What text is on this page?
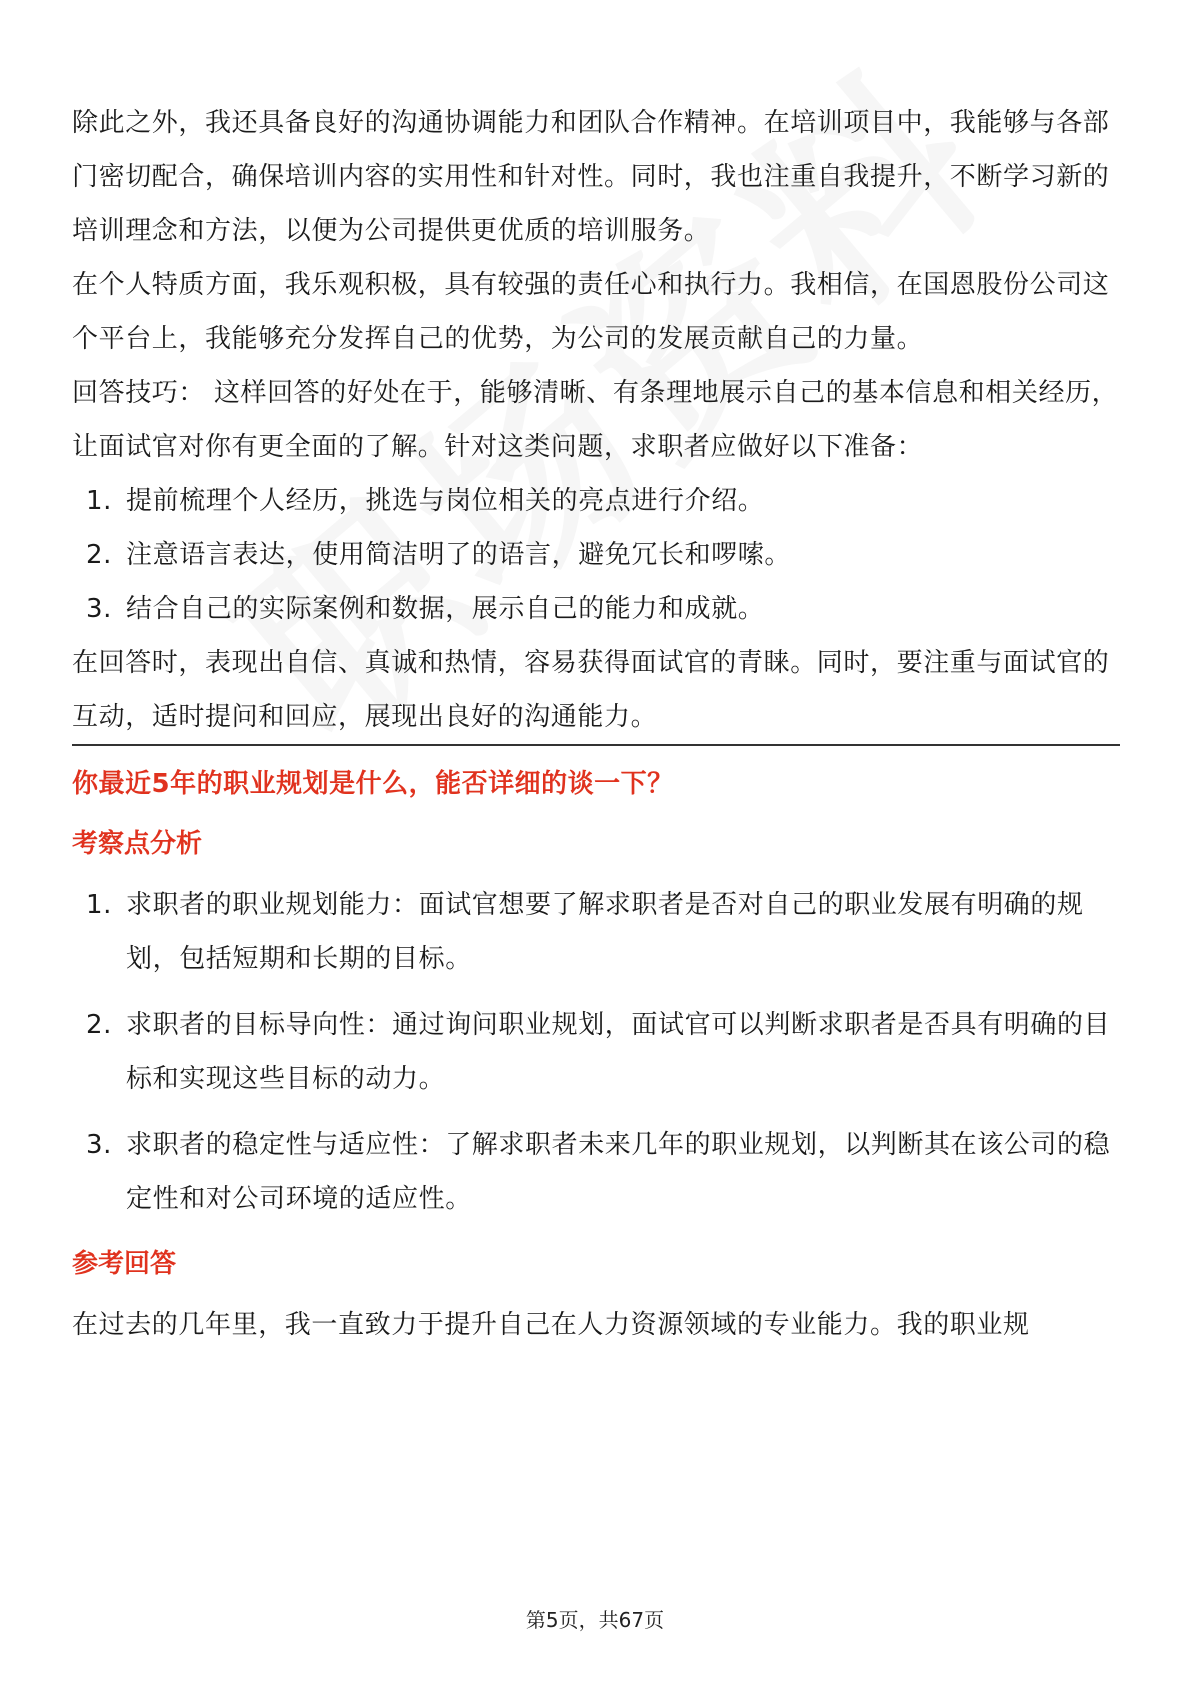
除此之外，我还具备良好的沟通协调能力和团队合作精神。在培训项目中，我能够与各部门密切配合，确保培训内容的实用性和针对性。同时，我也注重自我提升，不断学习新的培训理念和方法，以便为公司提供更优质的培训服务。

在个人特质方面，我乐观积极，具有较强的责任心和执行力。我相信，在国恩股份公司这个平台上，我能够充分发挥自己的优势，为公司的发展贡献自己的力量。

回答技巧： 这样回答的好处在于，能够清晰、有条理地展示自己的基本信息和相关经历，让面试官对你有更全面的了解。针对这类问题，求职者应做好以下准备：

1. 提前梳理个人经历，挑选与岗位相关的亮点进行介绍。
2. 注意语言表达，使用简洁明了的语言，避免冗长和啰嗦。
3. 结合自己的实际案例和数据，展示自己的能力和成就。

在回答时，表现出自信、真诚和热情，容易获得面试官的青睐。同时，要注重与面试官的互动，适时提问和回应，展现出良好的沟通能力。

你最近5年的职业规划是什么，能否详细的谈一下？
考察点分析
1. 求职者的职业规划能力：面试官想要了解求职者是否对自己的职业发展有明确的规划，包括短期和长期的目标。
2. 求职者的目标导向性：通过询问职业规划，面试官可以判断求职者是否具有明确的目标和实现这些目标的动力。
3. 求职者的稳定性与适应性：了解求职者未来几年的职业规划，以判断其在该公司的稳定性和对公司环境的适应性。
参考回答

在过去的几年里，我一直致力于提升自己在人力资源领域的专业能力。我的职业规

第5页，共67页
